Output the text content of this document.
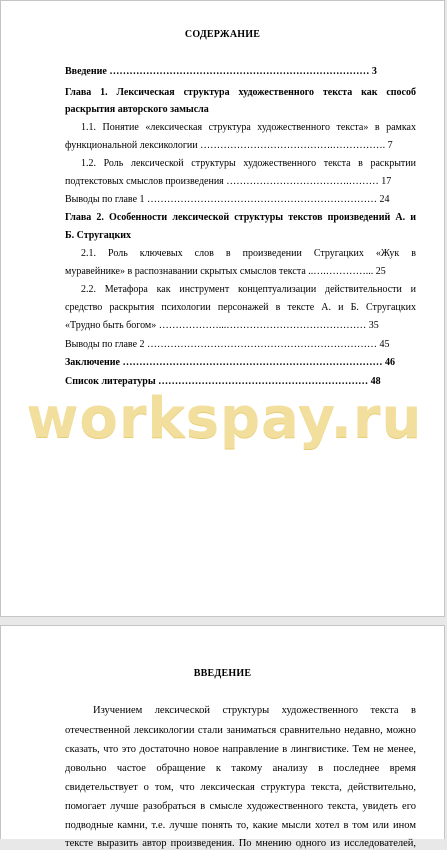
СОДЕРЖАНИЕ
Введение …………………………………………………………………… 3
Глава 1. Лексическая структура художественного текста как способ
раскрытия авторского замысла
1.1. Понятие «лексическая структура художественного текста» в рамках
функциональной лексикологии ………………………………….……………. 7
1.2. Роль лексической структуры художественного текста в раскрытии
подтекстовых смыслов произведения ……………………………….……… 17
Выводы по главе 1 …………………………………………………………… 24
Глава 2. Особенности лексической структуры текстов произведений А. и
Б. Стругацких
2.1. Роль ключевых слов в произведении Стругацких «Жук в
муравейнике» в распознавании скрытых смыслов текста ..….…………... 25
2.2. Метафора как инструмент концептуализации действительности и
средство раскрытия психологии персонажей в тексте А. и Б. Стругацких
«Трудно быть богом» ………………...…………………………………… 35
Выводы по главе 2 …………………………………………………………… 45
Заключение …………………………………………………………………… 46
Список литературы ……………………………………………………… 48
workspay.ru
ВВЕДЕНИЕ
Изучением лексической структуры художественного текста в
отечественной лексикологии стали заниматься сравнительно недавно, можно
сказать, что это достаточно новое направление в лингвистике. Тем не менее,
довольно частое обращение к такому анализу в последнее время
свидетельствует о том, что лексическая структура текста, действительно,
помогает лучше разобраться в смысле художественного текста, увидеть его
подводные камни, т.е. лучше понять то, какие мысли хотел в том или ином
тексте выразить автор произведения. По мнению одного из исследователей,
